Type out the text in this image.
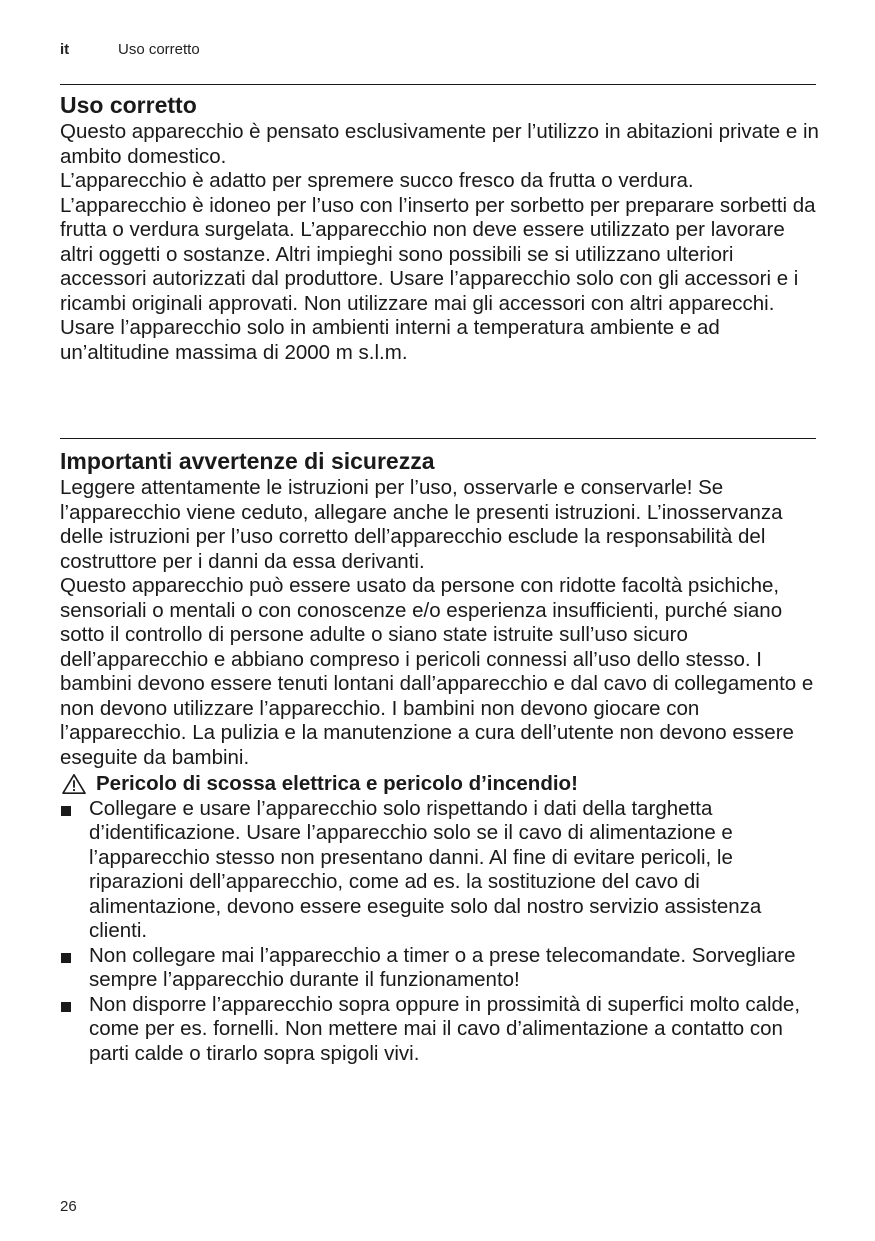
it	Uso corretto
Uso corretto

Questo apparecchio è pensato esclusivamente per l’utilizzo in abitazioni private e in ambito domestico.

L’apparecchio è adatto per spremere succo fresco da frutta o verdura. L’apparecchio è idoneo per l’uso con l’inserto per sorbetto per preparare sorbetti da frutta o verdura surgelata. L’apparecchio non deve essere utilizzato per lavorare altri oggetti o sostanze. Altri impieghi sono possibili se si utilizzano ulteriori accessori autorizzati dal produttore. Usare l’apparecchio solo con gli accessori e i ricambi originali approvati. Non utilizzare mai gli accessori con altri apparecchi.

Usare l’apparecchio solo in ambienti interni a temperatura ambiente e ad un’altitudine massima di 2000 m s.l.m.

Importanti avvertenze di sicurezza

Leggere attentamente le istruzioni per l’uso, osservarle e conservarle! Se l’apparecchio viene ceduto, allegare anche le presenti istruzioni. L’inosservanza delle istruzioni per l’uso corretto dell’apparecchio esclude la responsabilità del costruttore per i danni da essa derivanti.

Questo apparecchio può essere usato da persone con ridotte facoltà psichiche, sensoriali o mentali o con conoscenze e/o esperienza insufficienti, purché siano sotto il controllo di persone adulte o siano state istruite sull’uso sicuro dell’apparecchio e abbiano compreso i pericoli connessi all’uso dello stesso. I bambini devono essere tenuti lontani dall’apparecchio e dal cavo di collegamento e non devono utilizzare l’apparecchio. I bambini non devono giocare con l’apparecchio. La pulizia e la manutenzione a cura dell’utente non devono essere eseguite da bambini.

Pericolo di scossa elettrica e pericolo d’incendio!
Collegare e usare l’apparecchio solo rispettando i dati della targhetta d’identificazione. Usare l’apparecchio solo se il cavo di alimentazione e l’apparecchio stesso non presentano danni. Al fine di evitare pericoli, le riparazioni dell’apparecchio, come ad es. la sostituzione del cavo di alimentazione, devono essere eseguite solo dal nostro servizio assistenza clienti.
Non collegare mai l’apparecchio a timer o a prese telecomandate. Sorvegliare sempre l’apparecchio durante il funzionamento!
Non disporre l’apparecchio sopra oppure in prossimità di superfici molto calde, come per es. fornelli. Non mettere mai il cavo d’alimentazione a contatto con parti calde o tirarlo sopra spigoli vivi.
26
